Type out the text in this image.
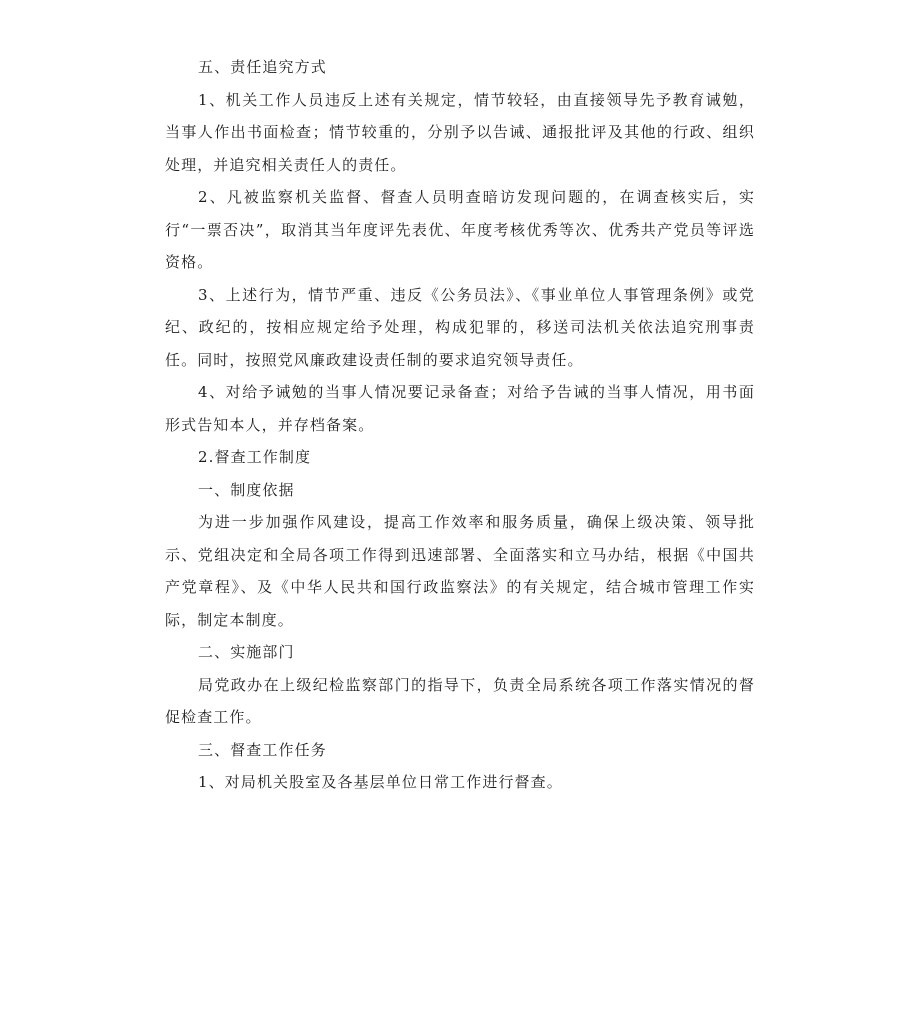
五、责任追究方式

1、机关工作人员违反上述有关规定，情节较轻，由直接领导先予教育诫勉，当事人作出书面检查；情节较重的，分别予以告诫、通报批评及其他的行政、组织处理，并追究相关责任人的责任。

2、凡被监察机关监督、督查人员明查暗访发现问题的，在调查核实后，实行“一票否决”，取消其当年度评先表优、年度考核优秀等次、优秀共产党员等评选资格。

3、上述行为，情节严重、违反《公务员法》、《事业单位人事管理条例》或党纪、政纪的，按相应规定给予处理，构成犯罪的，移送司法机关依法追究刑事责任。同时，按照党风廉政建设责任制的要求追究领导责任。

4、对给予诫勉的当事人情况要记录备查；对给予告诫的当事人情况，用书面形式告知本人，并存档备案。

2.督查工作制度

一、制度依据

为进一步加强作风建设，提高工作效率和服务质量，确保上级决策、领导批示、党组决定和全局各项工作得到迅速部署、全面落实和立马办结，根据《中国共产党章程》、及《中华人民共和国行政监察法》的有关规定，结合城市管理工作实际，制定本制度。

二、实施部门

局党政办在上级纪检监察部门的指导下，负责全局系统各项工作落实情况的督促检查工作。

三、督查工作任务

1、对局机关股室及各基层单位日常工作进行督查。
